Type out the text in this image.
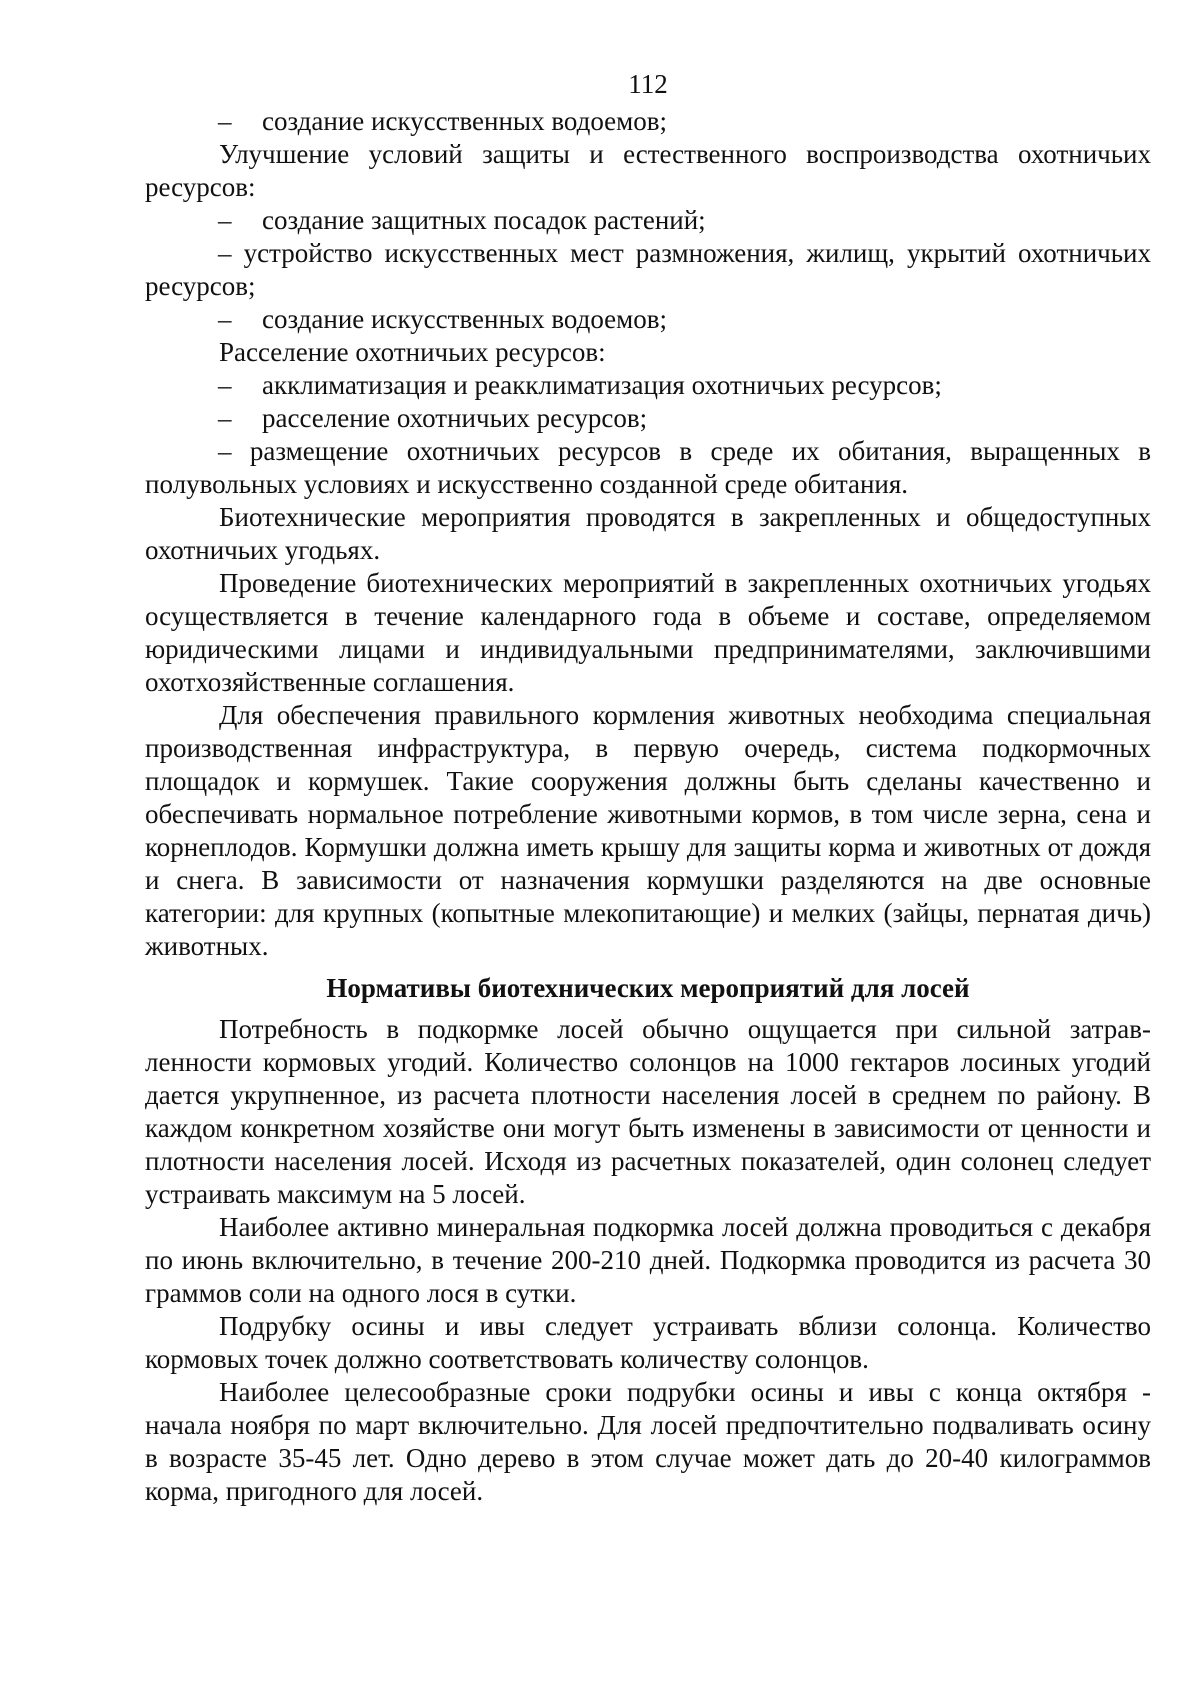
112
–	создание искусственных водоемов;

Улучшение условий защиты и естественного воспроизводства охотничьих ресурсов:

–	создание защитных посадок растений;

– устройство искусственных мест размножения, жилищ, укрытий охотничьих ресурсов;

–	создание искусственных водоемов;

Расселение охотничьих ресурсов:

–	акклиматизация и реакклиматизация охотничьих ресурсов;
–	расселение охотничьих ресурсов;

– размещение охотничьих ресурсов в среде их обитания, выращенных в полувольных условиях и искусственно созданной среде обитания.

Биотехнические мероприятия проводятся в закрепленных и общедоступных охотничьих угодьях.

Проведение биотехнических мероприятий в закрепленных охотничьих угодьях осуществляется в течение календарного года в объеме и составе, определяемом юридическими лицами и индивидуальными предпринимателями, заключившими охотхозяйственные соглашения.

Для обеспечения правильного кормления животных необходима специальная производственная инфраструктура, в первую очередь, система подкормочных площадок и кормушек. Такие сооружения должны быть сделаны качественно и обеспечивать нормальное потребление животными кормов, в том числе зерна, сена и корнеплодов. Кормушки должна иметь крышу для защиты корма и животных от дождя и снега. В зависимости от назначения кормушки разделяются на две основные категории: для крупных (копытные млекопитающие) и мелких (зайцы, пернатая дичь) животных.

Нормативы биотехнических мероприятий для лосей

Потребность в подкормке лосей обычно ощущается при сильной затрав-ленности кормовых угодий. Количество солонцов на 1000 гектаров лосиных угодий дается укрупненное, из расчета плотности населения лосей в среднем по району. В каждом конкретном хозяйстве они могут быть изменены в зависимости от ценности и плотности населения лосей. Исходя из расчетных показателей, один солонец следует устраивать максимум на 5 лосей.

Наиболее активно минеральная подкормка лосей должна проводиться с декабря по июнь включительно, в течение 200-210 дней. Подкормка проводится из расчета 30 граммов соли на одного лося в сутки.

Подрубку осины и ивы следует устраивать вблизи солонца. Количество кормовых точек должно соответствовать количеству солонцов.

Наиболее целесообразные сроки подрубки осины и ивы с конца октября - начала ноября по март включительно. Для лосей предпочтительно подваливать осину в возрасте 35-45 лет. Одно дерево в этом случае может дать до 20-40 килограммов корма, пригодного для лосей.
